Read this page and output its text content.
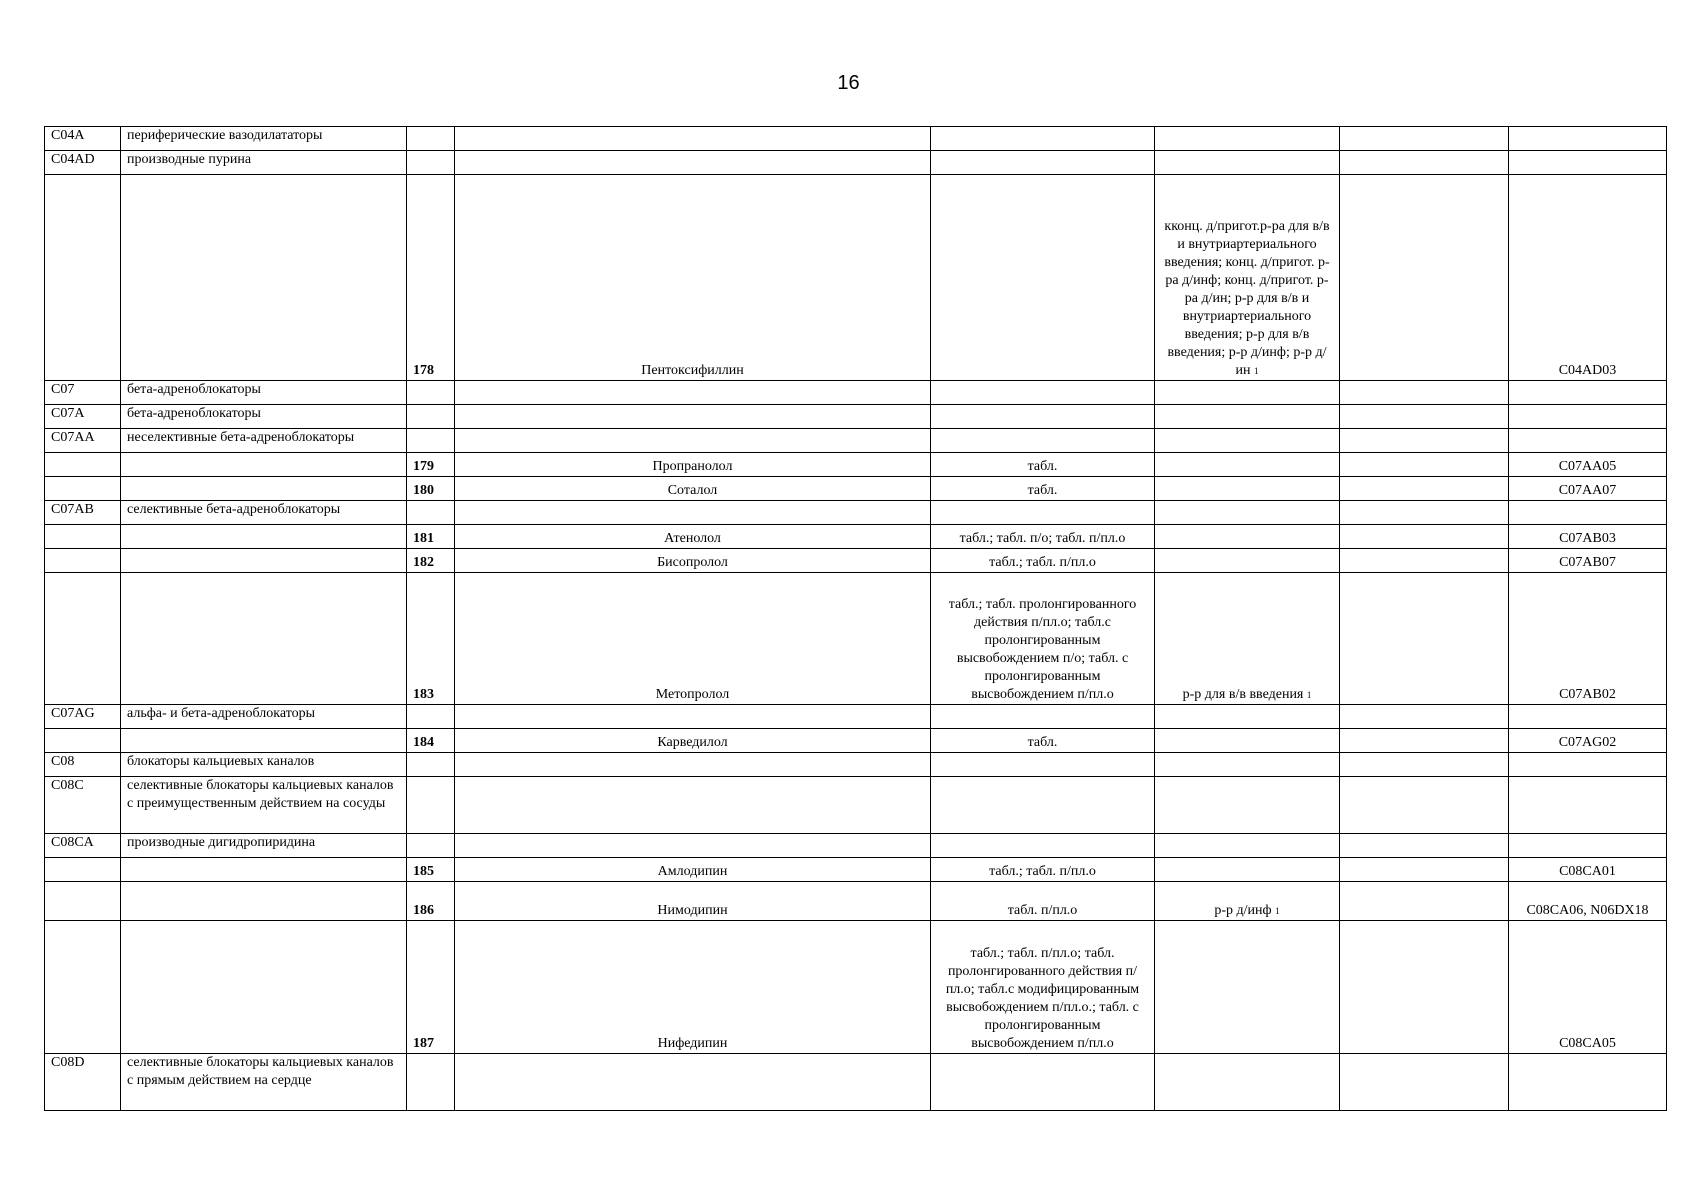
16
C04A	периферические вазодилататоры						
C04AD	производные пурина						
		178	Пентоксифиллин		кконц. д/пригот.р-ра для в/в и внутриартериального введения; конц. д/пригот. р-ра д/инф; конц. д/пригот. р-ра д/ин; р-р для в/в и внутриартериального введения; р-р для в/в введения; р-р д/инф; р-р д/ин $^1$		C04AD03
C07	бета-адреноблокаторы						
C07A	бета-адреноблокаторы						
C07AA	неселективные бета-адреноблокаторы						
		179	Пропранолол	табл.			C07AA05
		180	Соталол	табл.			C07AA07
C07AB	селективные бета-адреноблокаторы						
		181	Атенолол	табл.; табл. п/о; табл. п/пл.о			C07AB03
		182	Бисопролол	табл.; табл. п/пл.о			C07AB07
		183	Метопролол	табл.; табл. пролонгированного действия п/пл.о; табл.с пролонгированным высвобождением п/о; табл. с пролонгированным высвобождением п/пл.о	р-р для в/в введения $^1$		C07AB02
C07AG	альфа- и бета-адреноблокаторы						
		184	Карведилол	табл.			C07AG02
C08	блокаторы кальциевых каналов						
C08C	селективные блокаторы кальциевых каналов с преимущественным действием на сосуды						
C08CA	производные дигидропиридина						
		185	Амлодипин	табл.; табл. п/пл.о			C08CA01
		186	Нимодипин	табл. п/пл.о	р-р д/инф $^1$		C08CA06, N06DX18
		187	Нифедипин	табл.; табл. п/пл.о; табл. пролонгированного действия п/пл.о; табл.с модифицированным высвобождением п/пл.о.; табл. с пролонгированным высвобождением п/пл.о			C08CA05
C08D	селективные блокаторы кальциевых каналов с прямым действием на сердце						
